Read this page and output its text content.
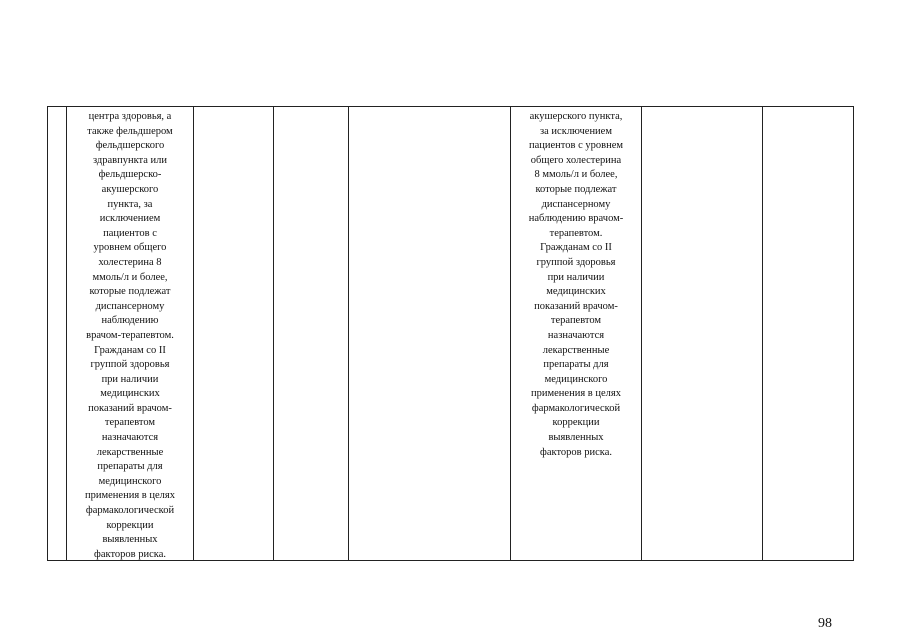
центра здоровья, а
также фельдшером
фельдшерского
здравпункта или
фельдшерско-
акушерского
пункта, за
исключением
пациентов с
уровнем общего
холестерина 8
ммоль/л и более,
которые подлежат
диспансерному
наблюдению
врачом-терапевтом.
Гражданам со II
группой здоровья
при наличии
медицинских
показаний врачом-
терапевтом
назначаются
лекарственные
препараты для
медицинского
применения в целях
фармакологической
коррекции
выявленных
факторов риска.
акушерского пункта,
за исключением
пациентов с уровнем
общего холестерина
8 ммоль/л и более,
которые подлежат
диспансерному
наблюдению врачом-
терапевтом.
Гражданам со II
группой здоровья
при наличии
медицинских
показаний врачом-
терапевтом
назначаются
лекарственные
препараты для
медицинского
применения в целях
фармакологической
коррекции
выявленных
факторов риска.
98
